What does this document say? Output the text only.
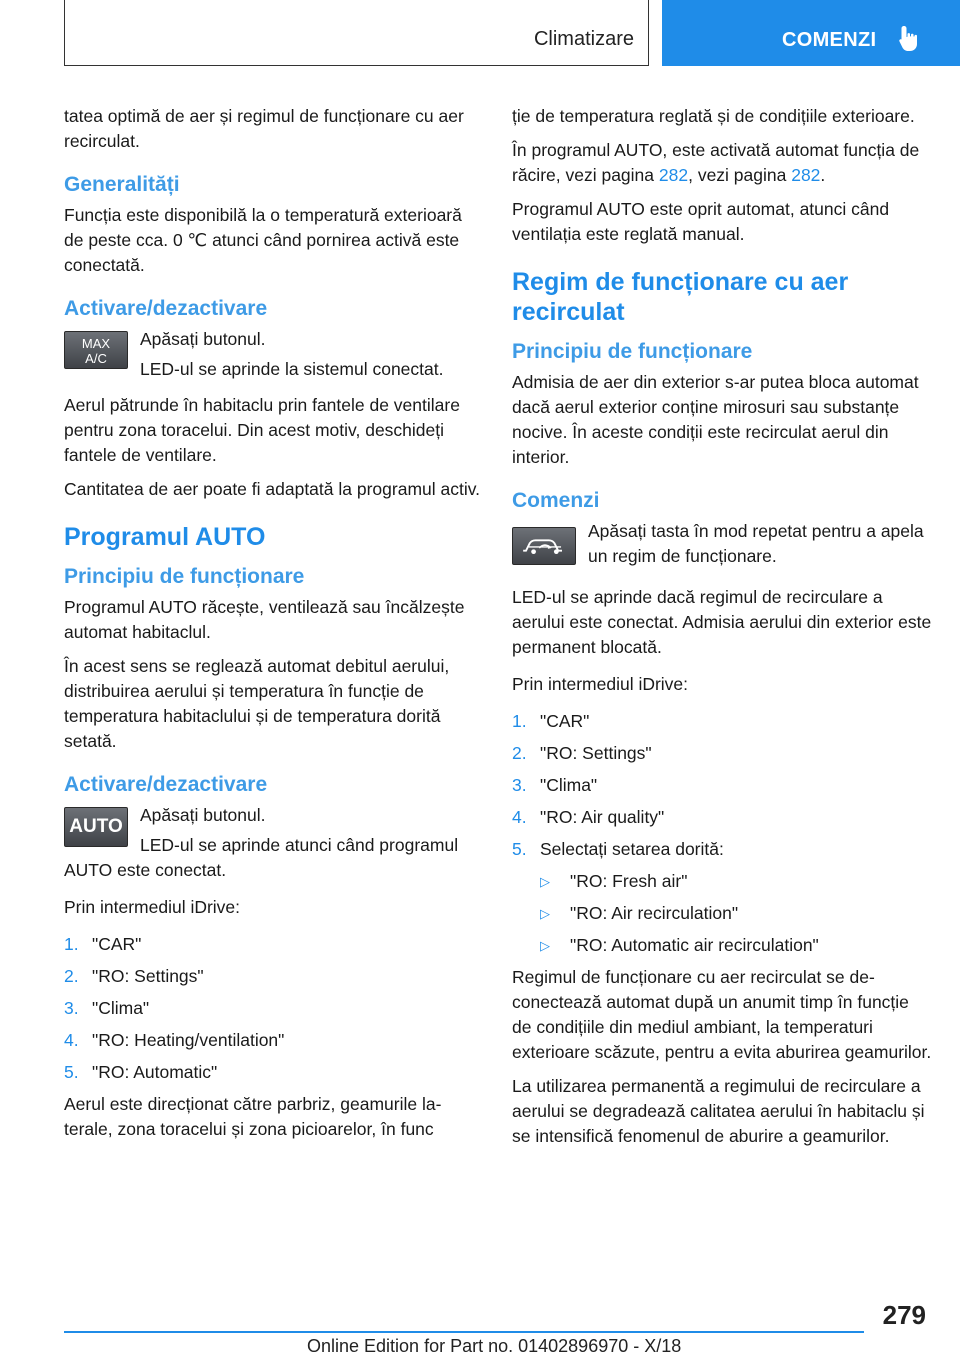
Climatizare	COMENZI

tatea optimă de aer și regimul de funcționare cu aer recirculat.

Generalități

Funcția este disponibilă la o temperatură exterioară de peste cca. 0 ℃ atunci când pornirea activă este conectată.

Activare/dezactivare
MAX A/C

Apăsați butonul.

LED-ul se aprinde la sistemul conectat.

Aerul pătrunde în habitaclu prin fantele de ventilare pentru zona toracelui. Din acest motiv, deschideți fantele de ventilare.

Cantitatea de aer poate fi adaptată la programul activ.

Programul AUTO
Principiu de funcționare

Programul AUTO răcește, ventilează sau încălzește automat habitaclul.

În acest sens se reglează automat debitul aerului, distribuirea aerului și temperatura în funcție de temperatura habitaclului și de temperatura dorită setată.

Activare/dezactivare
AUTO

Apăsați butonul.

LED-ul se aprinde atunci când programul AUTO este conectat.

Prin intermediul iDrive:

1. "CAR"
2. "RO: Settings"
3. "Clima"
4. "RO: Heating/ventilation"
5. "RO: Automatic"

Aerul este direcționat către parbriz, geamurile laterale, zona toracelui și zona picioarelor, în func

ție de temperatura reglată și de condițiile exterioare.

În programul AUTO, este activată automat funcția de răcire, vezi pagina 282, vezi pagina 282.

Programul AUTO este oprit automat, atunci când ventilația este reglată manual.

Regim de funcționare cu aer recirculat
Principiu de funcționare

Admisia de aer din exterior s-ar putea bloca automat dacă aerul exterior conține mirosuri sau substanțe nocive. În aceste condiții este recirculat aerul din interior.

Comenzi

Apăsați tasta în mod repetat pentru a apela un regim de funcționare.

LED-ul se aprinde dacă regimul de recirculare a aerului este conectat. Admisia aerului din exterior este permanent blocată.

Prin intermediul iDrive:

1. "CAR"
2. "RO: Settings"
3. "Clima"
4. "RO: Air quality"
5. Selectați setarea dorită:
▷ "RO: Fresh air"
▷ "RO: Air recirculation"
▷ "RO: Automatic air recirculation"

Regimul de funcționare cu aer recirculat se deconectează automat după un anumit timp în funcție de condițiile din mediul ambiant, la temperaturi exterioare scăzute, pentru a evita aburirea geamurilor.

La utilizarea permanentă a regimului de recirculare a aerului se degradează calitatea aerului în habitaclu și se intensifică fenomenul de aburire a geamurilor.

279
Online Edition for Part no. 01402896970 - X/18
